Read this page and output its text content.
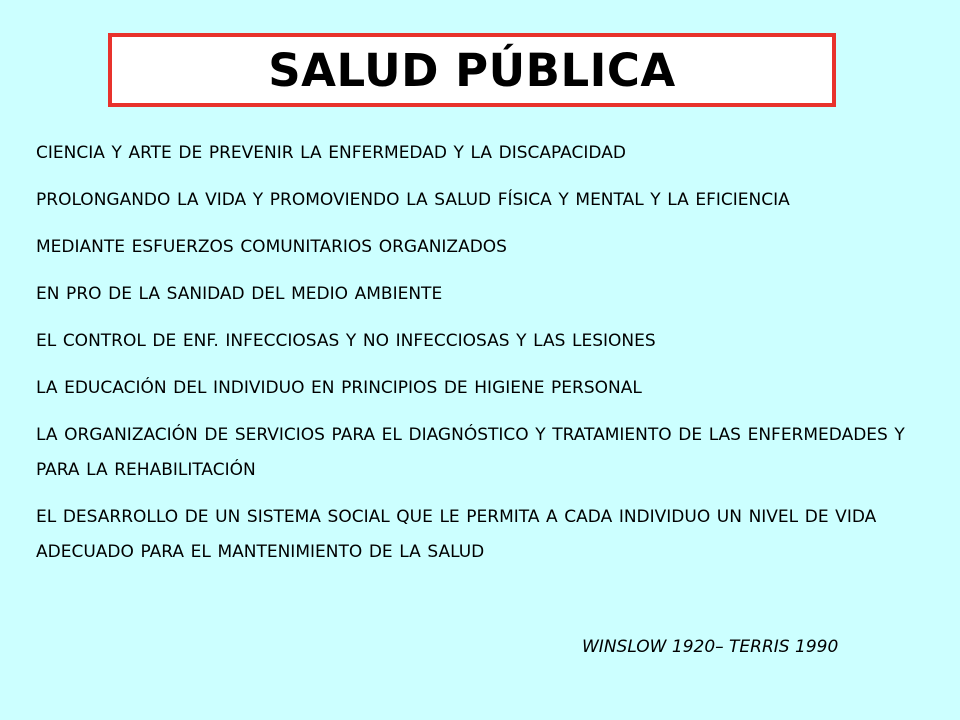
SALUD PÚBLICA
CIENCIA Y ARTE DE PREVENIR LA ENFERMEDAD Y LA DISCAPACIDAD
PROLONGANDO LA VIDA Y PROMOVIENDO LA SALUD FÍSICA Y MENTAL Y LA EFICIENCIA
MEDIANTE ESFUERZOS COMUNITARIOS ORGANIZADOS
EN PRO DE LA SANIDAD DEL MEDIO AMBIENTE
EL CONTROL DE ENF. INFECCIOSAS Y NO INFECCIOSAS Y LAS LESIONES
LA EDUCACIÓN DEL INDIVIDUO EN PRINCIPIOS DE HIGIENE PERSONAL
LA ORGANIZACIÓN DE SERVICIOS PARA EL DIAGNÓSTICO Y TRATAMIENTO DE LAS ENFERMEDADES Y PARA LA REHABILITACIÓN
EL DESARROLLO DE UN SISTEMA SOCIAL QUE LE PERMITA A CADA INDIVIDUO UN NIVEL DE VIDA ADECUADO PARA EL MANTENIMIENTO DE LA SALUD
WINSLOW 1920– TERRIS 1990
